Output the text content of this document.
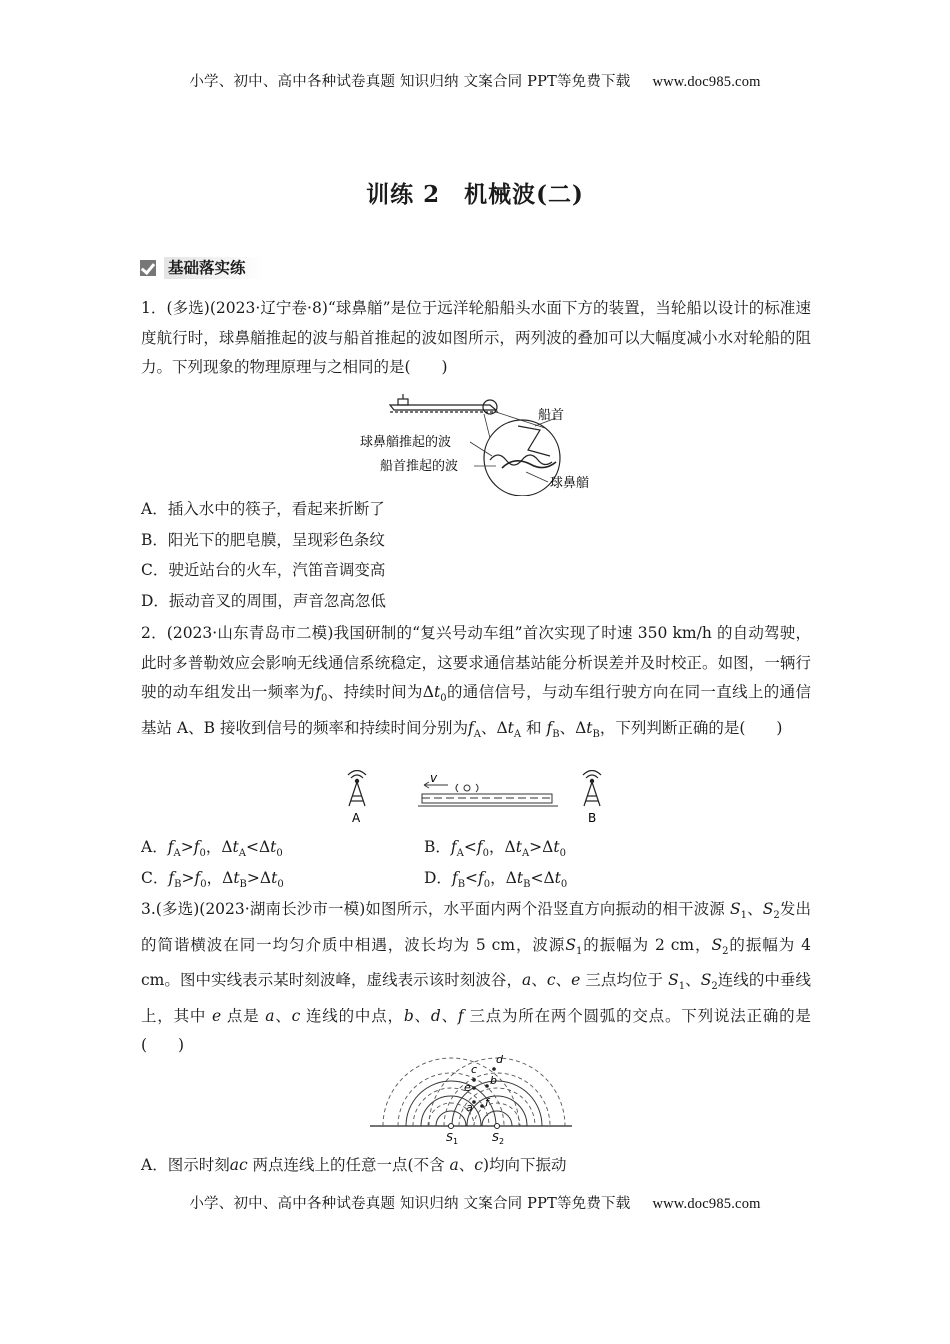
小学、初中、高中各种试卷真题 知识归纳 文案合同 PPT等免费下载 www.doc985.com
训练 2　机械波(二)
基础落实练
1．(多选)(2023·辽宁卷·8)“球鼻艏”是位于远洋轮船船头水面下方的装置，当轮船以设计的标准速度航行时，球鼻艏推起的波与船首推起的波如图所示，两列波的叠加可以大幅度减小水对轮船的阻力。下列现象的物理原理与之相同的是(　　)
船首
球鼻艏推起的波
船首推起的波
球鼻艏
A．插入水中的筷子，看起来折断了
B．阳光下的肥皂膜，呈现彩色条纹
C．驶近站台的火车，汽笛音调变高
D．振动音叉的周围，声音忽高忽低
2．(2023·山东青岛市二模)我国研制的“复兴号动车组”首次实现了时速 350 km/h 的自动驾驶，此时多普勒效应会影响无线通信系统稳定，这要求通信基站能分析误差并及时校正。如图，一辆行驶的动车组发出一频率为$f_0$、持续时间为$\Delta t_0$的通信信号，与动车组行驶方向在同一直线上的通信基站 A、B 接收到信号的频率和持续时间分别为$f_A$、$\Delta t_A$ 和 $f_B$、$\Delta t_B$，下列判断正确的是(　　)
A
v
B
A．$f_A>f_0$，$\Delta t_A<\Delta t_0$	B．$f_A<f_0$，$\Delta t_A>\Delta t_0$
C．$f_B>f_0$，$\Delta t_B>\Delta t_0$	D．$f_B<f_0$，$\Delta t_B<\Delta t_0$
3.(多选)(2023·湖南长沙市一模)如图所示，水平面内两个沿竖直方向振动的相干波源 $S_1$、$S_2$发出的简谐横波在同一均匀介质中相遇，波长均为 5 cm，波源$S_1$的振幅为 2 cm，$S_2$的振幅为 4 cm。图中实线表示某时刻波峰，虚线表示该时刻波谷，a、c、e 三点均位于 $S_1$、$S_2$连线的中垂线上，其中 e 点是 a、c 连线的中点，b、d、f 三点为所在两个圆弧的交点。下列说法正确的是(　　)
a
b
c
d
e
f
S	S
1	2
A．图示时刻ac 两点连线上的任意一点(不含 a、c)均向下振动
小学、初中、高中各种试卷真题 知识归纳 文案合同 PPT等免费下载 www.doc985.com
